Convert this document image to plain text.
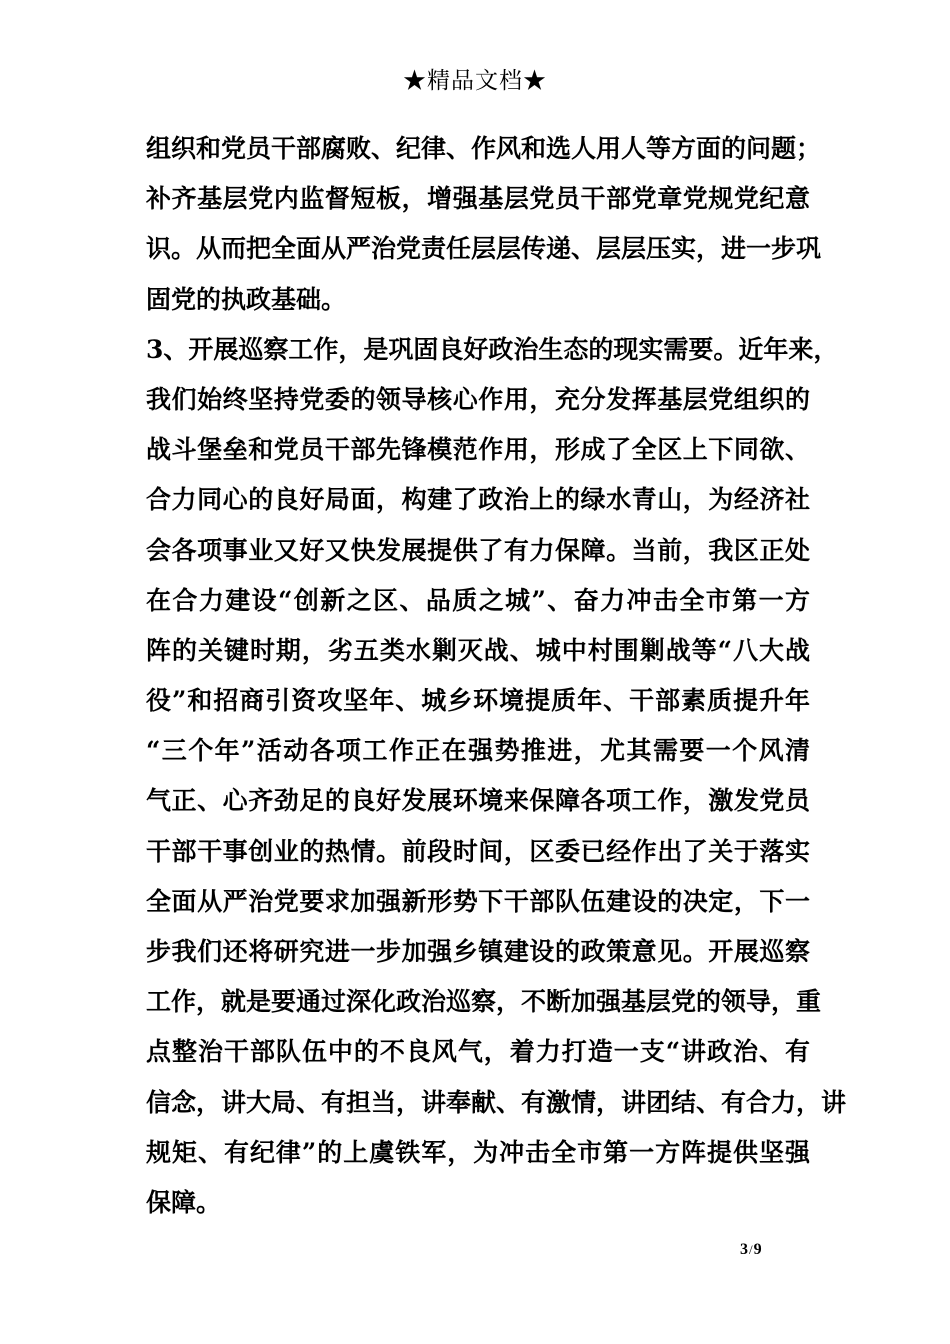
★精品文档★
组织和党员干部腐败、纪律、作风和选人用人等方面的问题；
补齐基层党内监督短板，增强基层党员干部党章党规党纪意
识。从而把全面从严治党责任层层传递、层层压实，进一步巩
固党的执政基础。
3、开展巡察工作，是巩固良好政治生态的现实需要。近年来，
我们始终坚持党委的领导核心作用，充分发挥基层党组织的
战斗堡垒和党员干部先锋模范作用，形成了全区上下同欲、
合力同心的良好局面，构建了政治上的绿水青山，为经济社
会各项事业又好又快发展提供了有力保障。当前，我区正处
在合力建设“创新之区、品质之城”、奋力冲击全市第一方
阵的关键时期，劣五类水剿灭战、城中村围剿战等“八大战
役”和招商引资攻坚年、城乡环境提质年、干部素质提升年
“三个年”活动各项工作正在强势推进，尤其需要一个风清
气正、心齐劲足的良好发展环境来保障各项工作，激发党员
干部干事创业的热情。前段时间，区委已经作出了关于落实
全面从严治党要求加强新形势下干部队伍建设的决定，下一
步我们还将研究进一步加强乡镇建设的政策意见。开展巡察
工作，就是要通过深化政治巡察，不断加强基层党的领导，重
点整治干部队伍中的不良风气，着力打造一支“讲政治、有
信念，讲大局、有担当，讲奉献、有激情，讲团结、有合力，讲
规矩、有纪律”的上虞铁军，为冲击全市第一方阵提供坚强
保障。
3/9
